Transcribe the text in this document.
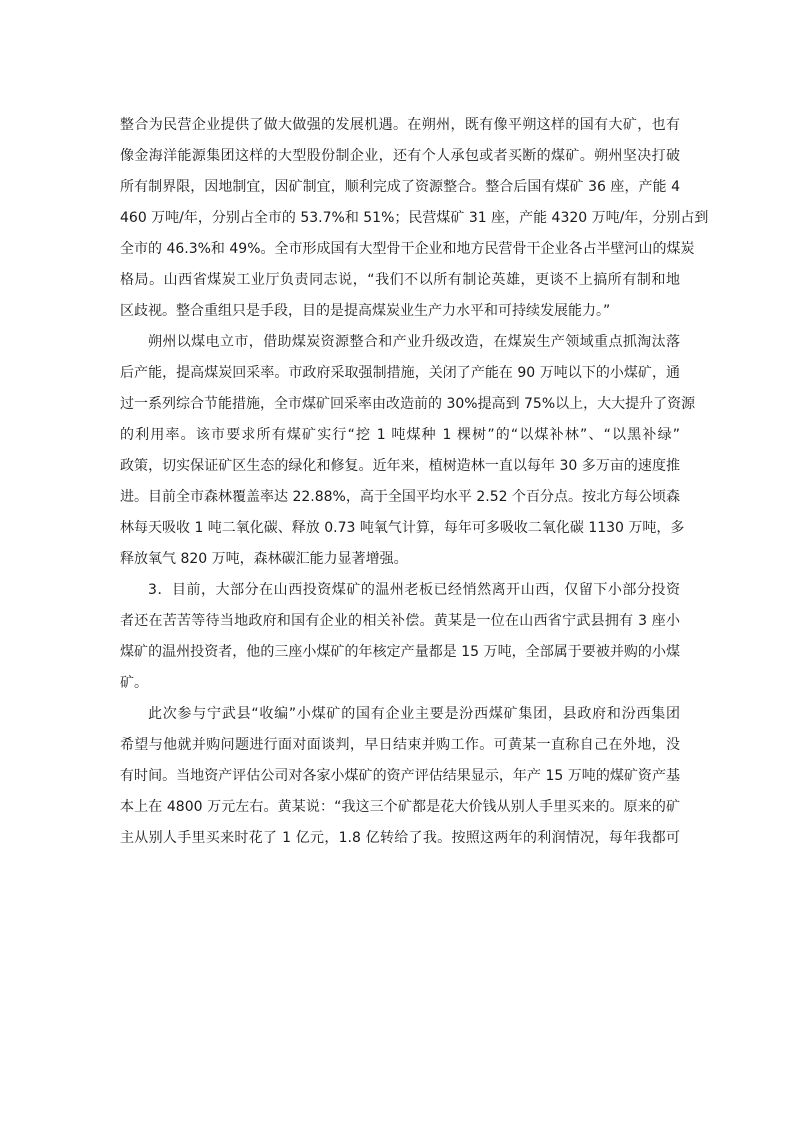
整合为民营企业提供了做大做强的发展机遇。在朔州，既有像平朔这样的国有大矿，也有
像金海洋能源集团这样的大型股份制企业，还有个人承包或者买断的煤矿。朔州坚决打破
所有制界限，因地制宜，因矿制宜，顺利完成了资源整合。整合后国有煤矿 36 座，产能 4
460 万吨/年，分别占全市的 53.7%和 51%；民营煤矿 31 座，产能 4320 万吨/年，分别占到
全市的 46.3%和 49%。全市形成国有大型骨干企业和地方民营骨干企业各占半壁河山的煤炭
格局。山西省煤炭工业厅负责同志说，“我们不以所有制论英雄，更谈不上搞所有制和地
区歧视。整合重组只是手段，目的是提高煤炭业生产力水平和可持续发展能力。”
朔州以煤电立市，借助煤炭资源整合和产业升级改造，在煤炭生产领域重点抓淘汰落
后产能，提高煤炭回采率。市政府采取强制措施，关闭了产能在 90 万吨以下的小煤矿，通
过一系列综合节能措施，全市煤矿回采率由改造前的 30%提高到 75%以上，大大提升了资源
的利用率。该市要求所有煤矿实行“挖 1 吨煤种 1 棵树”的“以煤补林”、“以黑补绿”
政策，切实保证矿区生态的绿化和修复。近年来，植树造林一直以每年 30 多万亩的速度推
进。目前全市森林覆盖率达 22.88%，高于全国平均水平 2.52 个百分点。按北方每公顷森
林每天吸收 1 吨二氧化碳、释放 0.73 吨氧气计算，每年可多吸收二氧化碳 1130 万吨，多
释放氧气 820 万吨，森林碳汇能力显著增强。
3．目前，大部分在山西投资煤矿的温州老板已经悄然离开山西，仅留下小部分投资
者还在苦苦等待当地政府和国有企业的相关补偿。黄某是一位在山西省宁武县拥有 3 座小
煤矿的温州投资者，他的三座小煤矿的年核定产量都是 15 万吨，全部属于要被并购的小煤
矿。
此次参与宁武县“收编”小煤矿的国有企业主要是汾西煤矿集团，县政府和汾西集团
希望与他就并购问题进行面对面谈判，早日结束并购工作。可黄某一直称自己在外地，没
有时间。当地资产评估公司对各家小煤矿的资产评估结果显示，年产 15 万吨的煤矿资产基
本上在 4800 万元左右。黄某说：“我这三个矿都是花大价钱从别人手里买来的。原来的矿
主从别人手里买来时花了 1 亿元，1.8 亿转给了我。按照这两年的利润情况，每年我都可
